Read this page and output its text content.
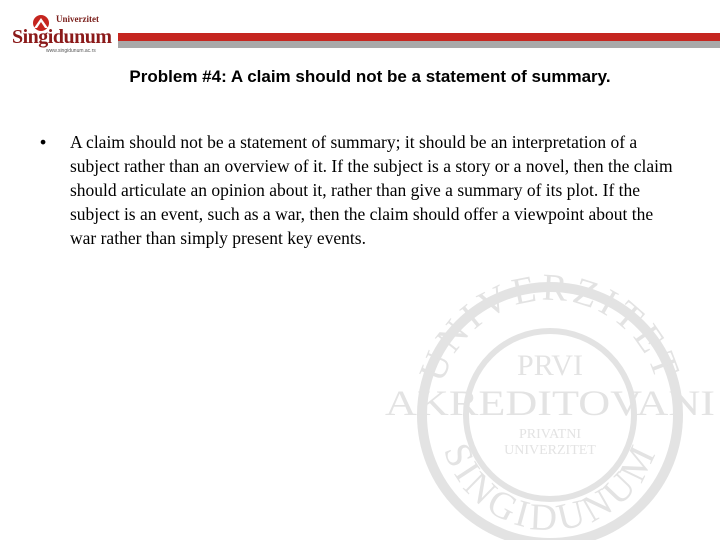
Univerzitet
Singidunum
www.singidunum.ac.rs
Problem #4: A claim should not be a statement of summary.
•	A claim should not be a statement of summary; it should be an interpretation of a subject rather than an overview of it. If the subject is a story or a novel, then the claim should articulate an opinion about it, rather than give a summary of its plot. If the subject is an event, such as a war, then the claim should offer a viewpoint about the war rather than simply present key events.
UNIVERZITET
SINGIDUNUM
PRVI
AKREDITOVANI
PRIVATNI
UNIVERZITET
